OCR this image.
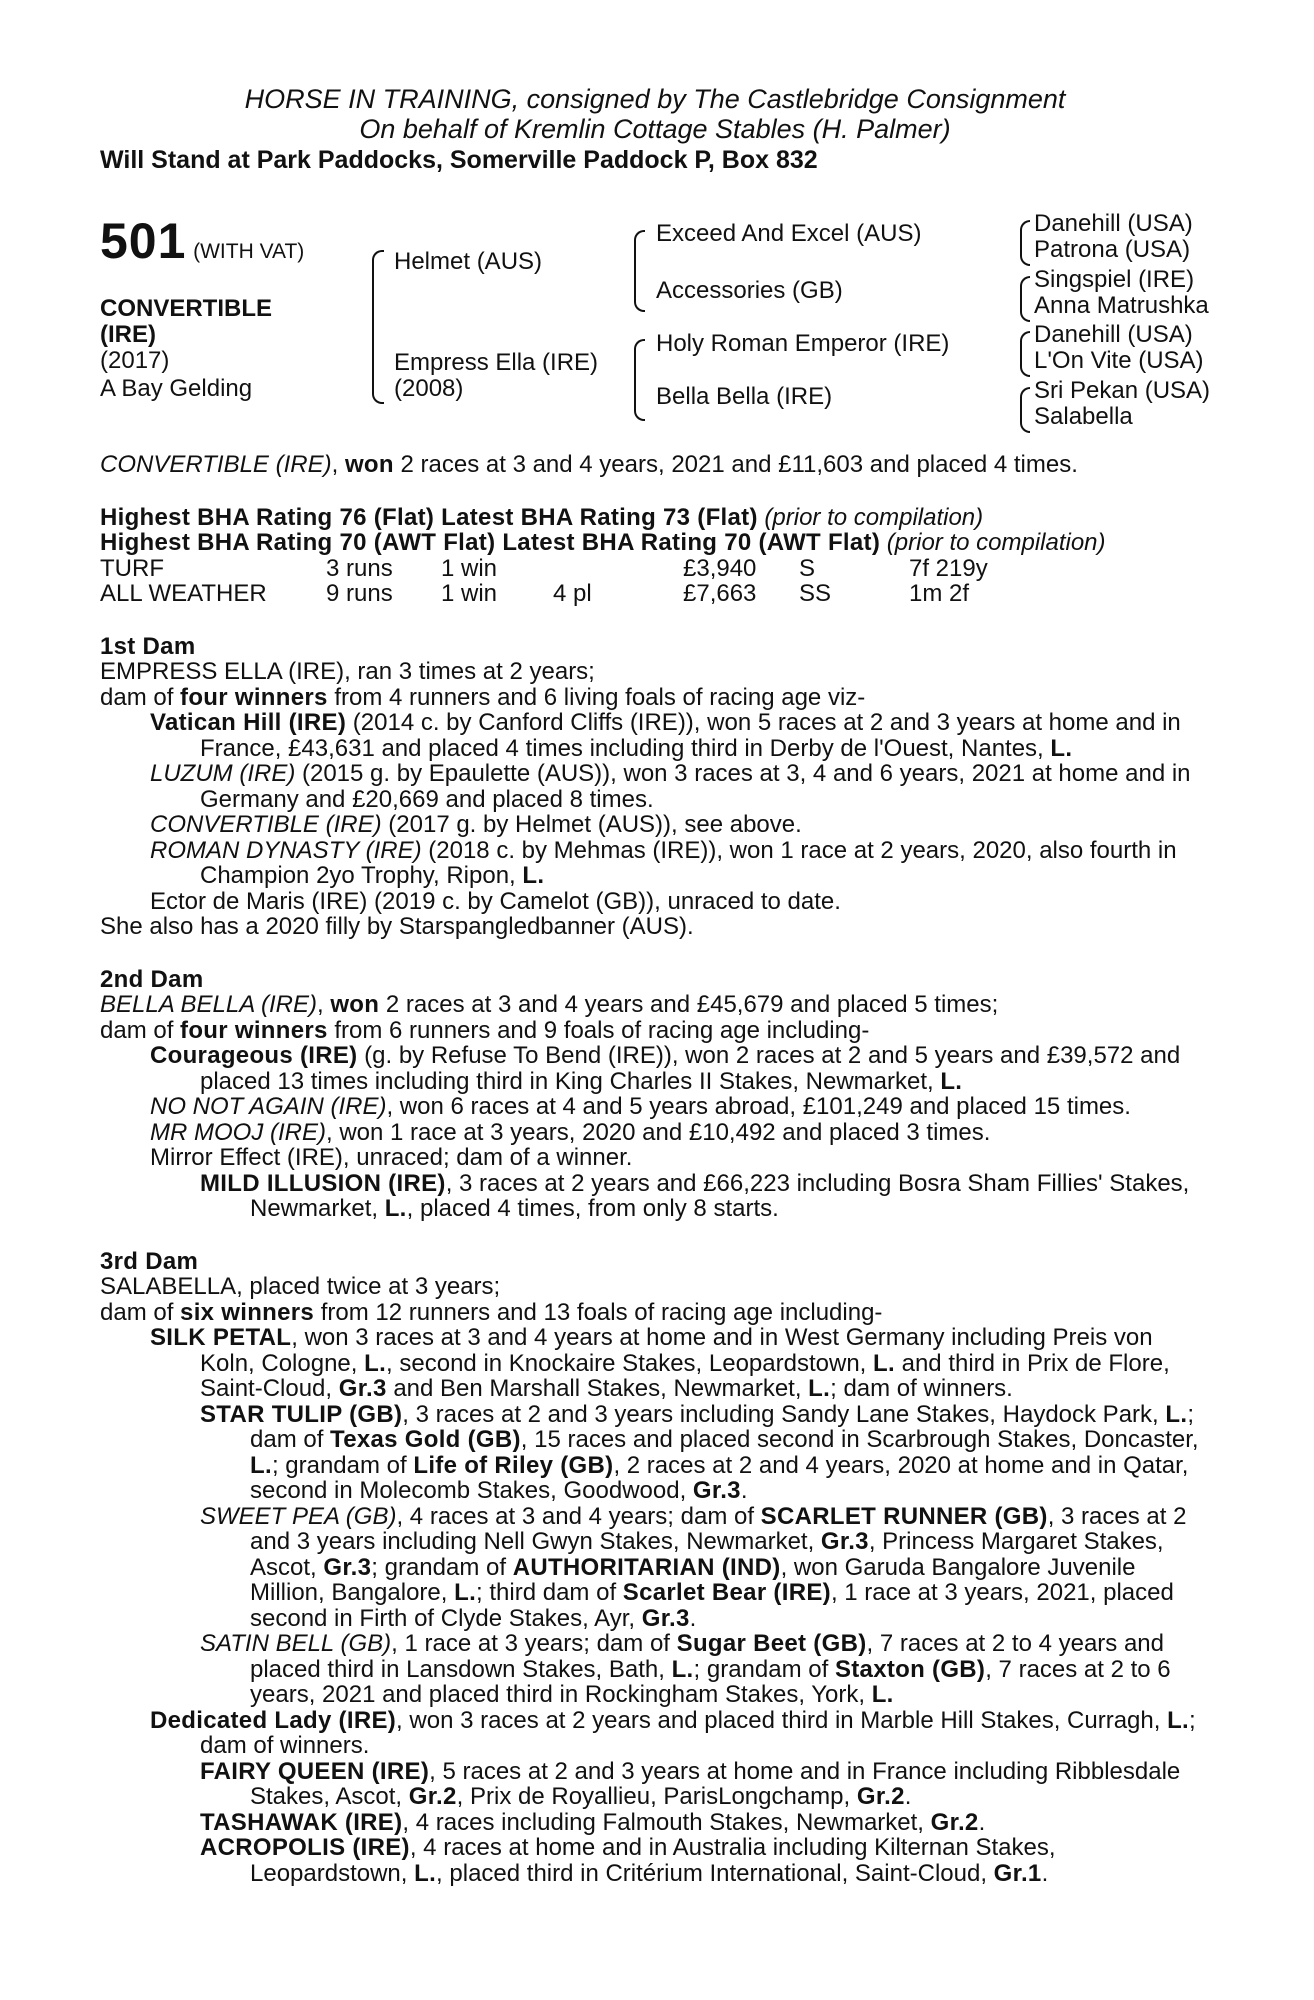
HORSE IN TRAINING, consigned by The Castlebridge Consignment
On behalf of Kremlin Cottage Stables (H. Palmer)
Will Stand at Park Paddocks, Somerville Paddock P, Box 832
501 (WITH VAT)
CONVERTIBLE
(IRE)
(2017)
A Bay Gelding
Helmet (AUS)
Empress Ella (IRE)
(2008)
Exceed And Excel (AUS)
Accessories (GB)
Holy Roman Emperor (IRE)
Bella Bella (IRE)
Danehill (USA)
Patrona (USA)
Singspiel (IRE)
Anna Matrushka
Danehill (USA)
L'On Vite (USA)
Sri Pekan (USA)
Salabella

CONVERTIBLE (IRE), won 2 races at 3 and 4 years, 2021 and £11,603 and placed 4 times.

Highest BHA Rating 76 (Flat) Latest BHA Rating 73 (Flat) (prior to compilation)

Highest BHA Rating 70 (AWT Flat) Latest BHA Rating 70 (AWT Flat) (prior to compilation)

TURF	3 runs	1 win		£3,940	S	7f 219y
ALL WEATHER	9 runs	1 win	4 pl	£7,663	SS	1m 2f

1st Dam

EMPRESS ELLA (IRE), ran 3 times at 2 years;

dam of four winners from 4 runners and 6 living foals of racing age viz-

Vatican Hill (IRE) (2014 c. by Canford Cliffs (IRE)), won 5 races at 2 and 3 years at home and in France, £43,631 and placed 4 times including third in Derby de l'Ouest, Nantes, L.

LUZUM (IRE) (2015 g. by Epaulette (AUS)), won 3 races at 3, 4 and 6 years, 2021 at home and in Germany and £20,669 and placed 8 times.

CONVERTIBLE (IRE) (2017 g. by Helmet (AUS)), see above.

ROMAN DYNASTY (IRE) (2018 c. by Mehmas (IRE)), won 1 race at 2 years, 2020, also fourth in Champion 2yo Trophy, Ripon, L.

Ector de Maris (IRE) (2019 c. by Camelot (GB)), unraced to date.

She also has a 2020 filly by Starspangledbanner (AUS).

2nd Dam

BELLA BELLA (IRE), won 2 races at 3 and 4 years and £45,679 and placed 5 times;

dam of four winners from 6 runners and 9 foals of racing age including-

Courageous (IRE) (g. by Refuse To Bend (IRE)), won 2 races at 2 and 5 years and £39,572 and placed 13 times including third in King Charles II Stakes, Newmarket, L.

NO NOT AGAIN (IRE), won 6 races at 4 and 5 years abroad, £101,249 and placed 15 times.

MR MOOJ (IRE), won 1 race at 3 years, 2020 and £10,492 and placed 3 times.

Mirror Effect (IRE), unraced; dam of a winner.

MILD ILLUSION (IRE), 3 races at 2 years and £66,223 including Bosra Sham Fillies' Stakes, Newmarket, L., placed 4 times, from only 8 starts.

3rd Dam

SALABELLA, placed twice at 3 years;

dam of six winners from 12 runners and 13 foals of racing age including-

SILK PETAL, won 3 races at 3 and 4 years at home and in West Germany including Preis von Koln, Cologne, L., second in Knockaire Stakes, Leopardstown, L. and third in Prix de Flore, Saint-Cloud, Gr.3 and Ben Marshall Stakes, Newmarket, L.; dam of winners.

STAR TULIP (GB), 3 races at 2 and 3 years including Sandy Lane Stakes, Haydock Park, L.; dam of Texas Gold (GB), 15 races and placed second in Scarbrough Stakes, Doncaster, L.; grandam of Life of Riley (GB), 2 races at 2 and 4 years, 2020 at home and in Qatar, second in Molecomb Stakes, Goodwood, Gr.3.

SWEET PEA (GB), 4 races at 3 and 4 years; dam of SCARLET RUNNER (GB), 3 races at 2 and 3 years including Nell Gwyn Stakes, Newmarket, Gr.3, Princess Margaret Stakes, Ascot, Gr.3; grandam of AUTHORITARIAN (IND), won Garuda Bangalore Juvenile Million, Bangalore, L.; third dam of Scarlet Bear (IRE), 1 race at 3 years, 2021, placed second in Firth of Clyde Stakes, Ayr, Gr.3.

SATIN BELL (GB), 1 race at 3 years; dam of Sugar Beet (GB), 7 races at 2 to 4 years and placed third in Lansdown Stakes, Bath, L.; grandam of Staxton (GB), 7 races at 2 to 6 years, 2021 and placed third in Rockingham Stakes, York, L.

Dedicated Lady (IRE), won 3 races at 2 years and placed third in Marble Hill Stakes, Curragh, L.; dam of winners.

FAIRY QUEEN (IRE), 5 races at 2 and 3 years at home and in France including Ribblesdale Stakes, Ascot, Gr.2, Prix de Royallieu, ParisLongchamp, Gr.2.

TASHAWAK (IRE), 4 races including Falmouth Stakes, Newmarket, Gr.2.

ACROPOLIS (IRE), 4 races at home and in Australia including Kilternan Stakes, Leopardstown, L., placed third in Critérium International, Saint-Cloud, Gr.1.
